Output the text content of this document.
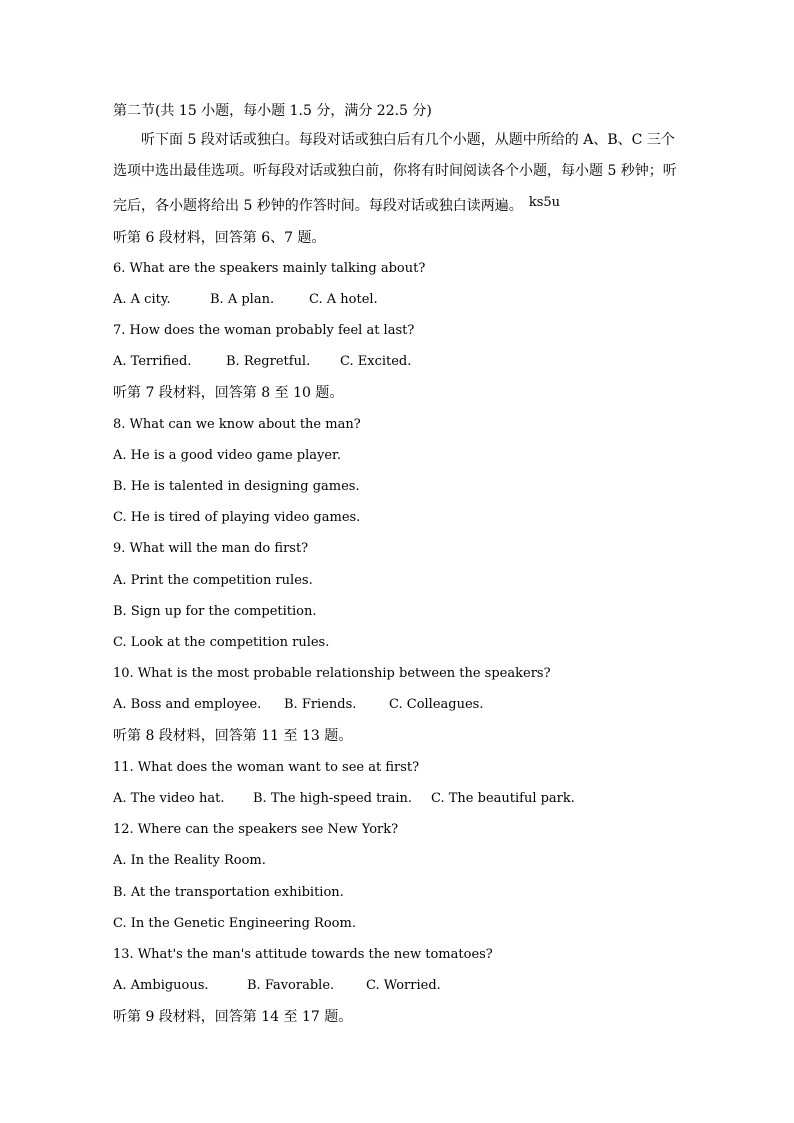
第二节(共 15 小题，每小题 1.5 分，满分 22.5 分)
听下面 5 段对话或独白。每段对话或独白后有几个小题，从题中所给的 A、B、C 三个选项中选出最佳选项。听每段对话或独白前，你将有时间阅读各个小题，每小题 5 秒钟；听完后，各小题将给出 5 秒钟的作答时间。每段对话或独白读两遍。 ks5u
听第 6 段材料，回答第 6、7 题。
6. What are the speakers mainly talking about?
A. A city.	B. A plan.	C. A hotel.
7. How does the woman probably feel at last?
A. Terrified.	B. Regretful. C. Excited.
听第 7 段材料，回答第 8 至 10 题。
8. What can we know about the man?
A. He is a good video game player.
B. He is talented in designing games.
C. He is tired of playing video games.
9. What will the man do first?
A. Print the competition rules.
B. Sign up for the competition.
C. Look at the competition rules.
10. What is the most probable relationship between the speakers?
A. Boss and employee. B. Friends.	C. Colleagues.
听第 8 段材料，回答第 11 至 13 题。
11. What does the woman want to see at first?
A. The video hat. B. The high-speed train. C. The beautiful park.
12. Where can the speakers see New York?
A. In the Reality Room.
B. At the transportation exhibition.
C. In the Genetic Engineering Room.
13. What's the man's attitude towards the new tomatoes?
A. Ambiguous.	B. Favorable. C. Worried.
听第 9 段材料，回答第 14 至 17 题。
